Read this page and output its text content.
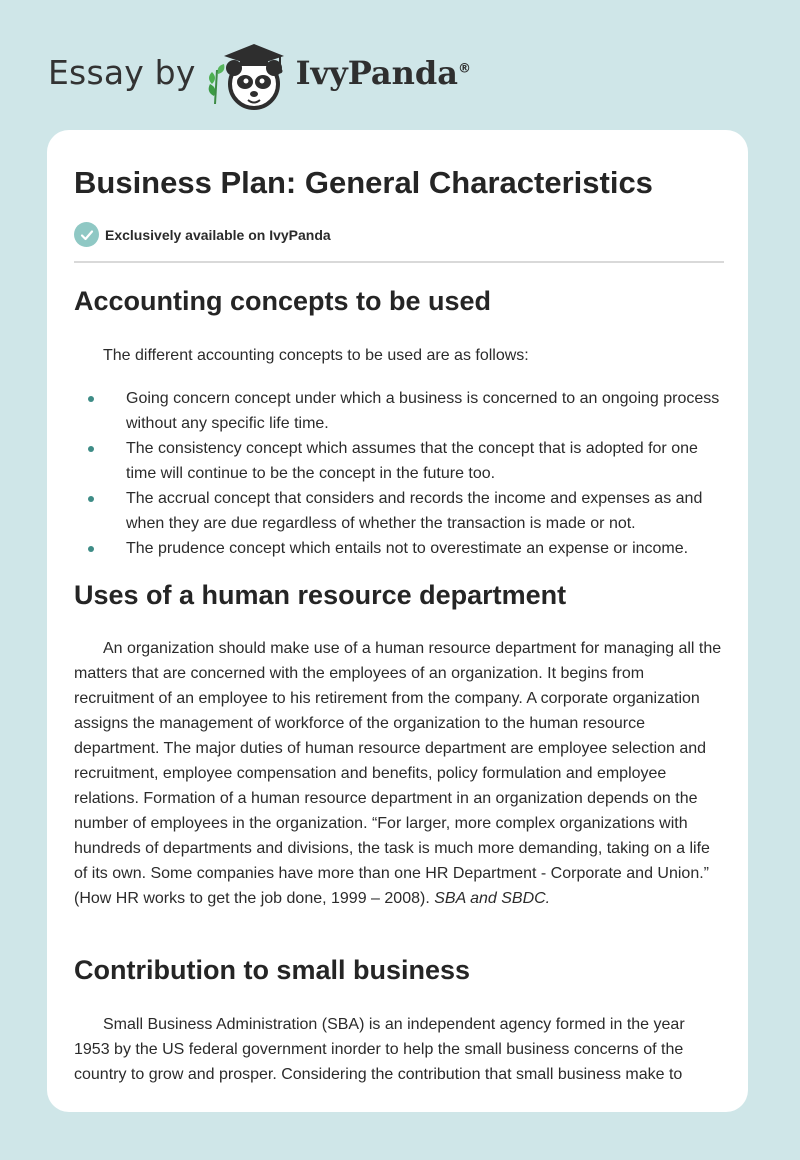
Essay by	IvyPanda®
Business Plan: General Characteristics
Exclusively available on IvyPanda
Accounting concepts to be used

The different accounting concepts to be used are as follows:

Going concern concept under which a business is concerned to an ongoing process without any specific life time.
The consistency concept which assumes that the concept that is adopted for one time will continue to be the concept in the future too.
The accrual concept that considers and records the income and expenses as and when they are due regardless of whether the transaction is made or not.
The prudence concept which entails not to overestimate an expense or income.
Uses of a human resource department

An organization should make use of a human resource department for managing all the matters that are concerned with the employees of an organization. It begins from recruitment of an employee to his retirement from the company. A corporate organization assigns the management of workforce of the organization to the human resource department. The major duties of human resource department are employee selection and recruitment, employee compensation and benefits, policy formulation and employee relations. Formation of a human resource department in an organization depends on the number of employees in the organization. “For larger, more complex organizations with hundreds of departments and divisions, the task is much more demanding, taking on a life of its own. Some companies have more than one HR Department - Corporate and Union.” (How HR works to get the job done, 1999 – 2008). SBA and SBDC.

Contribution to small business

Small Business Administration (SBA) is an independent agency formed in the year 1953 by the US federal government inorder to help the small business concerns of the country to grow and prosper. Considering the contribution that small business make to
